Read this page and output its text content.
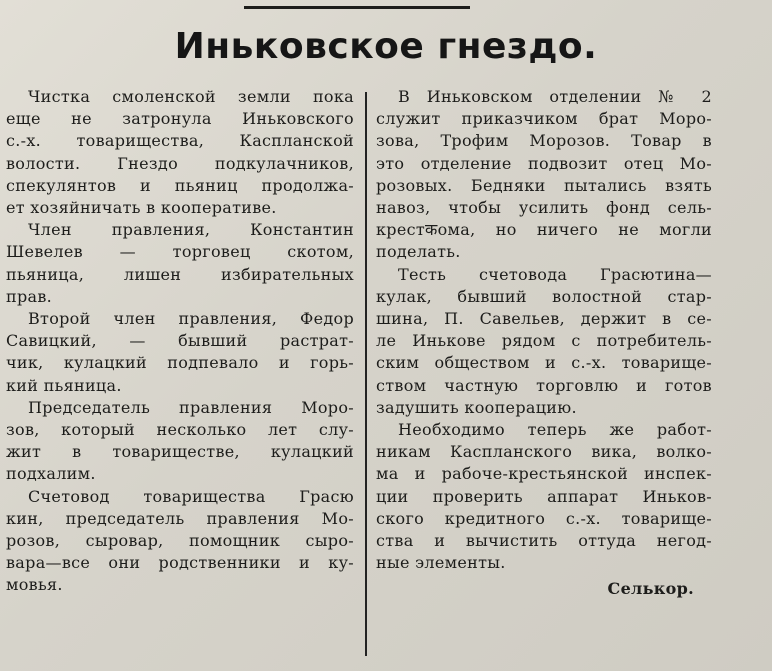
Иньковское гнездо.
Чистка смоленской земли пока
еще не затронула Иньковского
с.-х. товарищества, Каспланской
волости. Гнездо подкулачников,
спекулянтов и пьяниц продолжа-
ет хозяйничать в кооперативе.
Член правления, Константин
Шевелев — торговец скотом,
пьяница, лишен избирательных
прав.
Второй член правления, Федор
Савицкий, — бывший растрат-
чик, кулацкий подпевало и горь-
кий пьяница.
Председатель правления Моро-
зов, который несколько лет слу-
жит в товариществе, кулацкий
подхалим.
Счетовод товарищества Грасю
кин, председатель правления Мо-
розов, сыровар, помощник сыро-
вара—все они родственники и ку-
мовья.
В Иньковском отделении № 2
служит приказчиком брат Моро-
зова, Трофим Морозов. Товар в
это отделение подвозит отец Мо-
розовых. Бедняки пытались взять
навоз, чтобы усилить фонд сель-
крестकома, но ничего не могли
поделать.
Тесть счетовода Грасютина—
кулак, бывший волостной стар-
шина, П. Савельев, держит в се-
ле Инькове рядом с потребитель-
ским обществом и с.-х. товарище-
ством частную торговлю и готов
задушить кооперацию.
Необходимо теперь же работ-
никам Каспланского вика, волко-
ма и рабоче-крестьянской инспек-
ции проверить аппарат Иньков-
ского кредитного с.-х. товарище-
ства и вычистить оттуда негод-
ные элементы.
Селькор.
